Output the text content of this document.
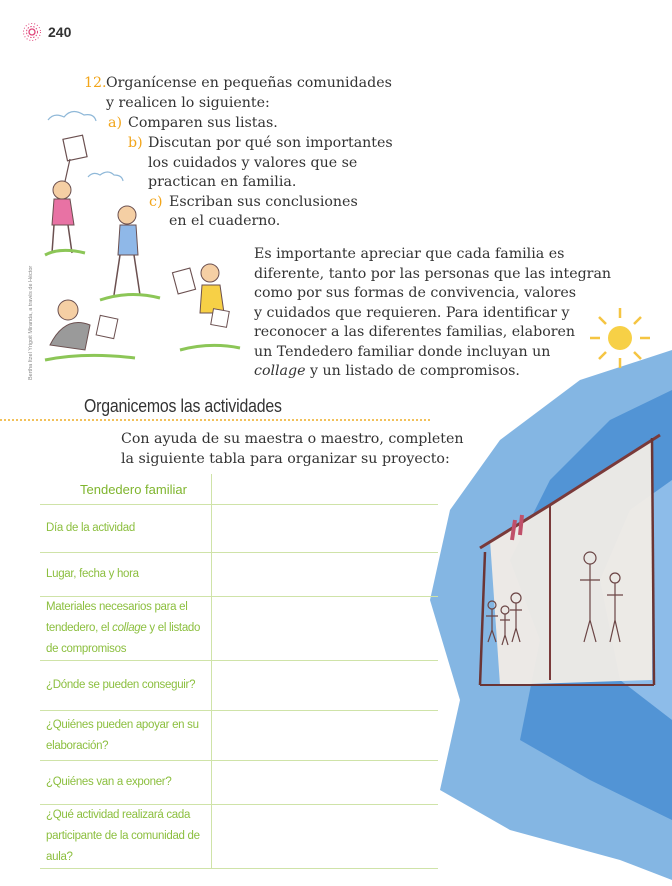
240
Bertha Itzel Yrigoit Miranda, a través de Héctor
12. Organícense en pequeñas comunidades
y realicen lo siguiente:
a) Comparen sus listas.
b) Discutan por qué son importantes
los cuidados y valores que se
practican en familia.
c) Escriban sus conclusiones
en el cuaderno.
Es importante apreciar que cada familia es
diferente, tanto por las personas que las integran
como por sus formas de convivencia, valores
y cuidados que requieren. Para identificar y
reconocer a las diferentes familias, elaboren
un Tendedero familiar donde incluyan un
collage y un listado de compromisos.
Organicemos las actividades
Con ayuda de su maestra o maestro, completen
la siguiente tabla para organizar su proyecto:
Tendedero familiar	

Día de la actividad	

Lugar, fecha y hora	

Materiales necesarios para el tendedero, el collage y el listado de compromisos	

¿Dónde se pueden conseguir?	

¿Quiénes pueden apoyar en su elaboración?	

¿Quiénes van a exponer?	

¿Qué actividad realizará cada participante de la comunidad de aula?	
